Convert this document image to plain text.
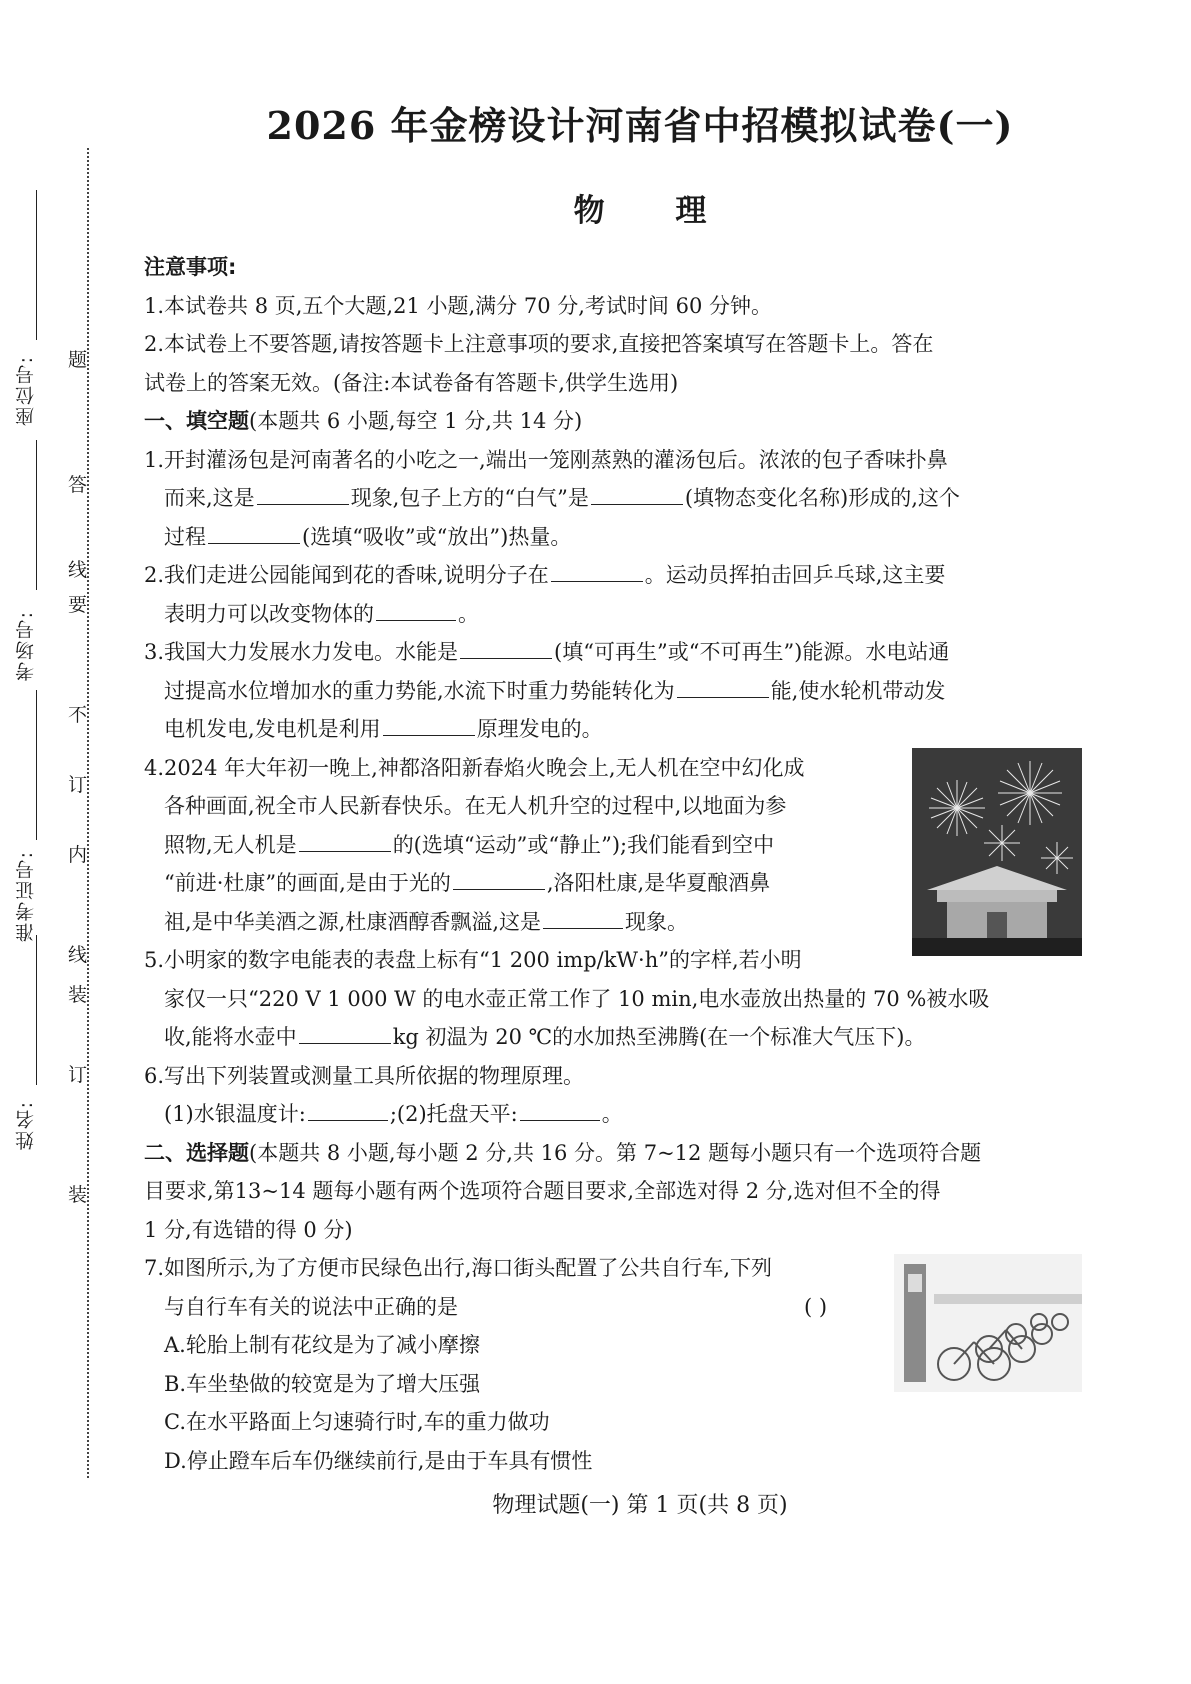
座位号:
考场号:
准考证号:
姓名:
题
答
要
不
内
线
订
装
线
订
装
2026 年金榜设计河南省中招模拟试卷(一)
物 理
注意事项:
1.本试卷共 8 页,五个大题,21 小题,满分 70 分,考试时间 60 分钟。
2.本试卷上不要答题,请按答题卡上注意事项的要求,直接把答案填写在答题卡上。答在
试卷上的答案无效。(备注:本试卷备有答题卡,供学生选用)
一、填空题(本题共 6 小题,每空 1 分,共 14 分)
1.开封灌汤包是河南著名的小吃之一,端出一笼刚蒸熟的灌汤包后。浓浓的包子香味扑鼻
而来,这是	现象,包子上方的“白气”是	(填物态变化名称)形成的,这个
过程	(选填“吸收”或“放出”)热量。
2.我们走进公园能闻到花的香味,说明分子在	。运动员挥拍击回乒乓球,这主要
表明力可以改变物体的	。
3.我国大力发展水力发电。水能是	(填“可再生”或“不可再生”)能源。水电站通
过提高水位增加水的重力势能,水流下时重力势能转化为	能,使水轮机带动发
电机发电,发电机是利用	原理发电的。
4.2024 年大年初一晚上,神都洛阳新春焰火晚会上,无人机在空中幻化成
各种画面,祝全市人民新春快乐。在无人机升空的过程中,以地面为参
照物,无人机是	的(选填“运动”或“静止”);我们能看到空中
“前进·杜康”的画面,是由于光的	,洛阳杜康,是华夏酿酒鼻
祖,是中华美酒之源,杜康酒醇香飘溢,这是	现象。
5.小明家的数字电能表的表盘上标有“1 200 imp/kW·h”的字样,若小明
家仅一只“220 V 1 000 W 的电水壶正常工作了 10 min,电水壶放出热量的 70 %被水吸
收,能将水壶中	kg 初温为 20 ℃的水加热至沸腾(在一个标准大气压下)。
6.写出下列装置或测量工具所依据的物理原理。
(1)水银温度计:	;(2)托盘天平:	。
二、选择题(本题共 8 小题,每小题 2 分,共 16 分。第 7~12 题每小题只有一个选项符合题
目要求,第13~14 题每小题有两个选项符合题目要求,全部选对得 2 分,选对但不全的得
1 分,有选错的得 0 分)
7.如图所示,为了方便市民绿色出行,海口街头配置了公共自行车,下列
与自行车有关的说法中正确的是	( )
A.轮胎上制有花纹是为了减小摩擦
B.车坐垫做的较宽是为了增大压强
C.在水平路面上匀速骑行时,车的重力做功
D.停止蹬车后车仍继续前行,是由于车具有惯性
物理试题(一) 第 1 页(共 8 页)
